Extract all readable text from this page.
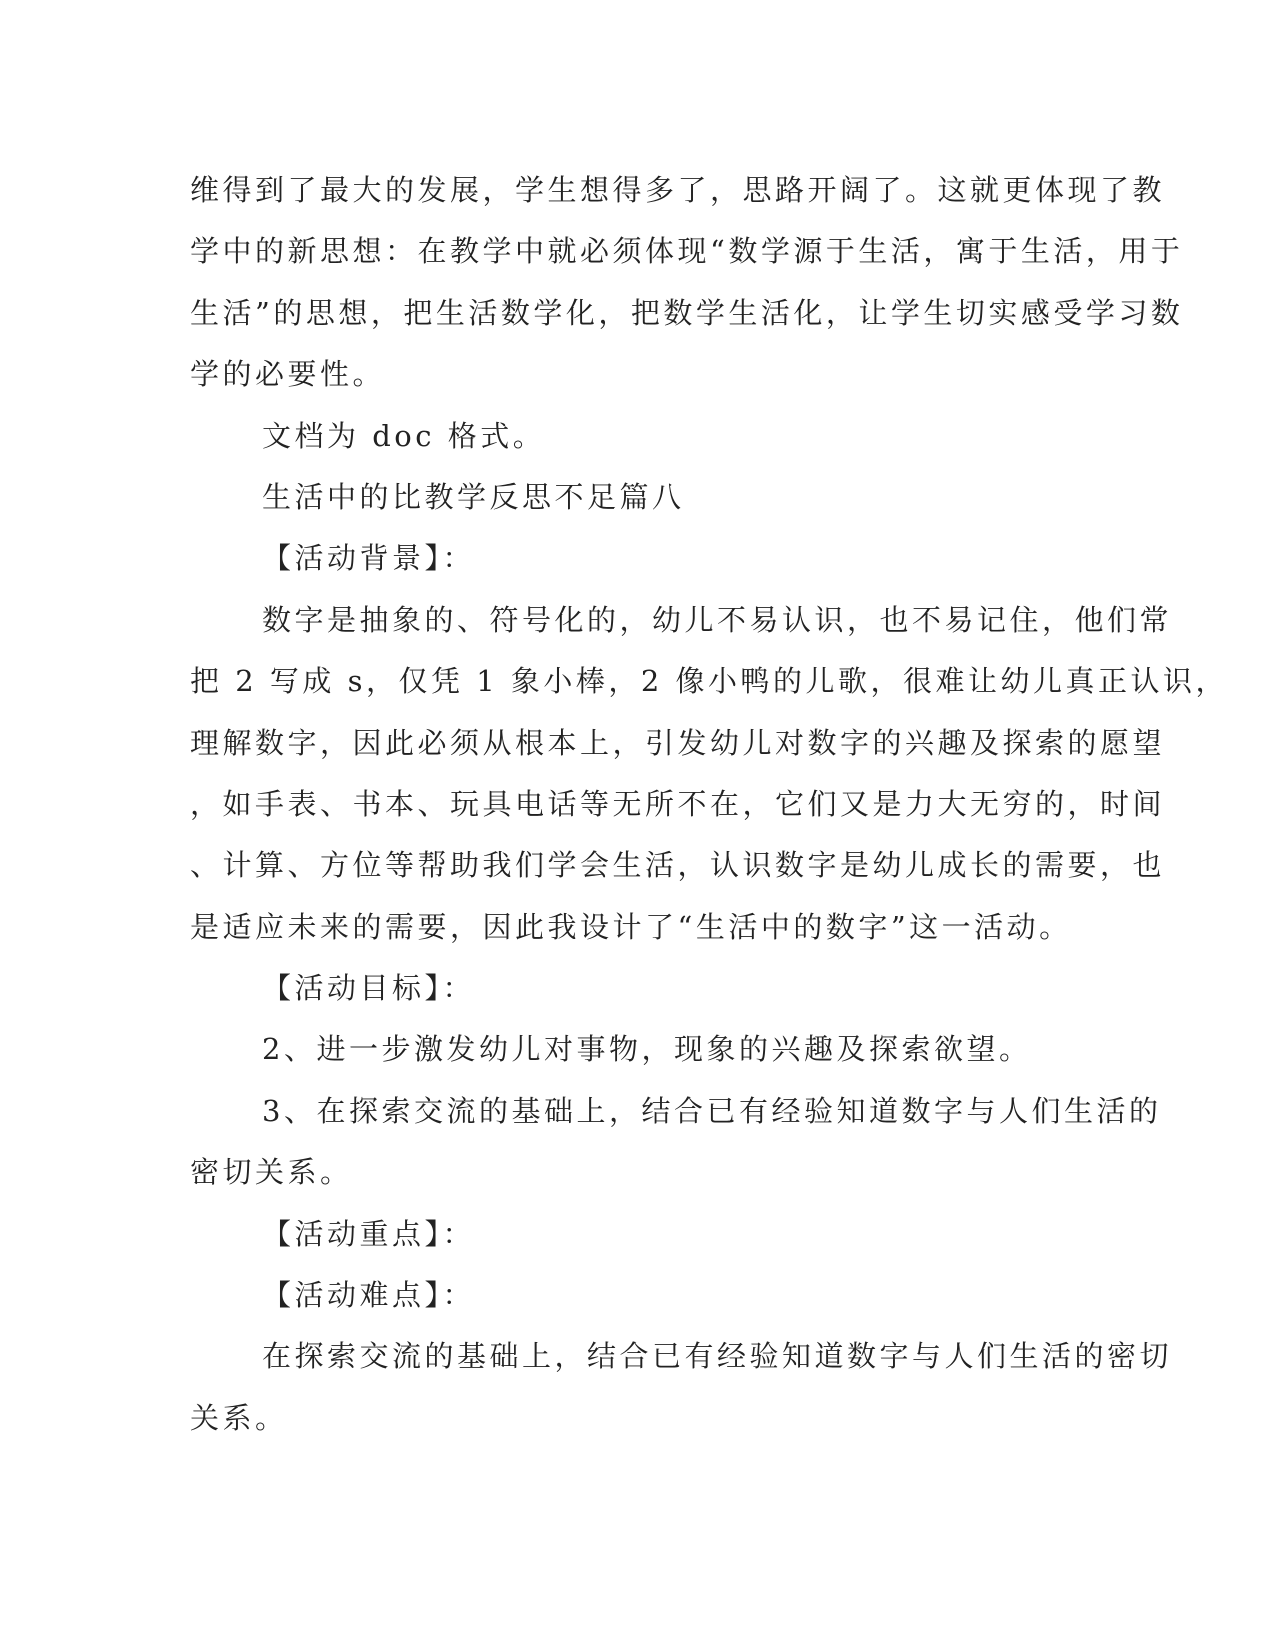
维得到了最大的发展，学生想得多了，思路开阔了。这就更体现了教
学中的新思想：在教学中就必须体现“数学源于生活，寓于生活，用于
生活”的思想，把生活数学化，把数学生活化，让学生切实感受学习数
学的必要性。
文档为 doc 格式。
生活中的比教学反思不足篇八
【活动背景】：
数字是抽象的、符号化的，幼儿不易认识，也不易记住，他们常
把 2 写成 s，仅凭 1 象小棒，2 像小鸭的儿歌，很难让幼儿真正认识，
理解数字，因此必须从根本上，引发幼儿对数字的兴趣及探索的愿望
，如手表、书本、玩具电话等无所不在，它们又是力大无穷的，时间
、计算、方位等帮助我们学会生活，认识数字是幼儿成长的需要，也
是适应未来的需要，因此我设计了“生活中的数字”这一活动。
【活动目标】：
2、进一步激发幼儿对事物，现象的兴趣及探索欲望。
3、在探索交流的基础上，结合已有经验知道数字与人们生活的
密切关系。
【活动重点】：
【活动难点】：
在探索交流的基础上，结合已有经验知道数字与人们生活的密切
关系。
